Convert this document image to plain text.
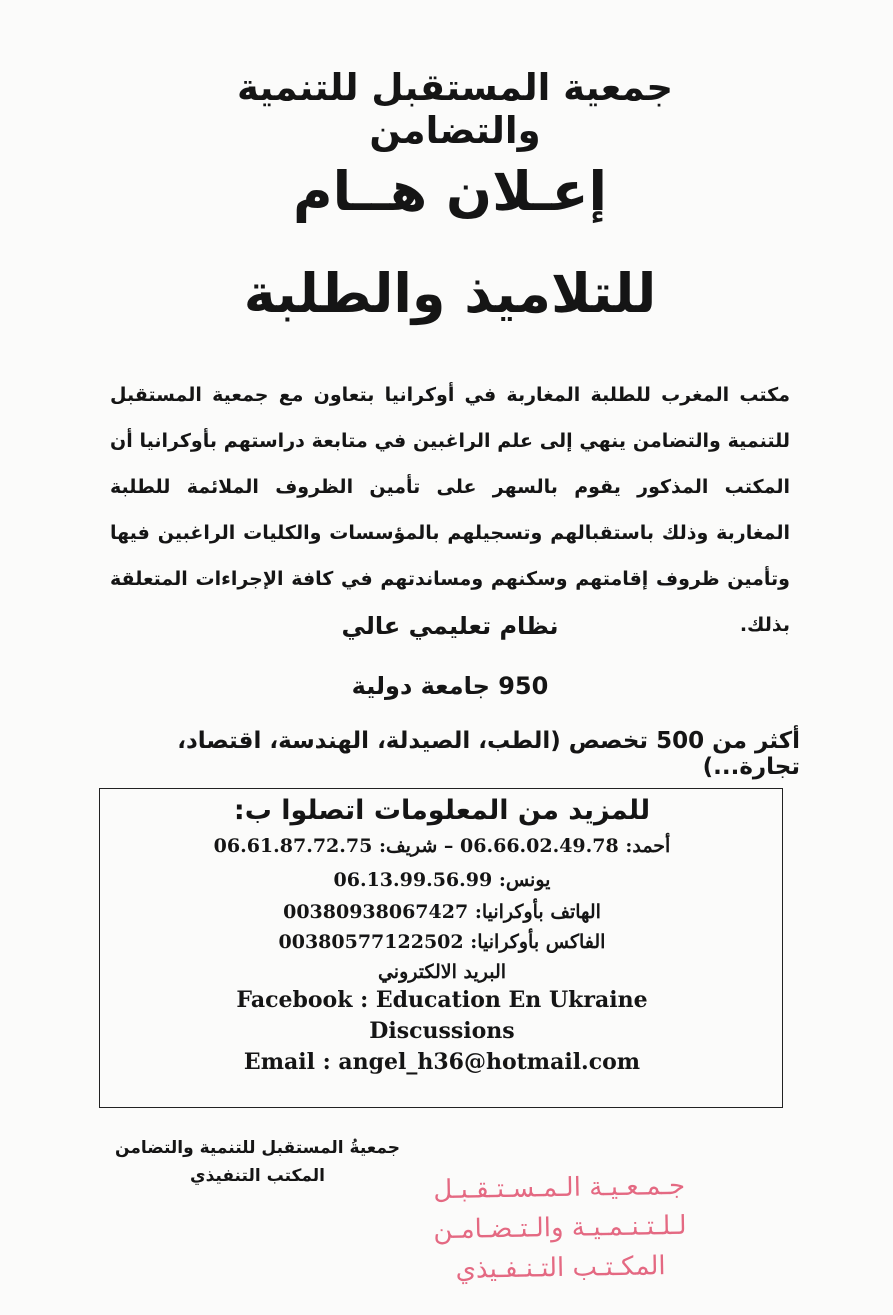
جمعية المستقبل للتنمية والتضامن
إعـلان هــام
للتلاميذ والطلبة
مكتب المغرب للطلبة المغاربة في أوكرانيا بتعاون مع جمعية المستقبل للتنمية والتضامن ينهي إلى علم الراغبين في متابعة دراستهم بأوكرانيا أن المكتب المذكور يقوم بالسهر على تأمين الظروف الملائمة للطلبة المغاربة وذلك باستقبالهم وتسجيلهم بالمؤسسات والكليات الراغبين فيها وتأمين ظروف إقامتهم وسكنهم ومساندتهم في كافة الإجراءات المتعلقة بذلك.
نظام تعليمي عالي
950 جامعة دولية
أكثر من 500 تخصص (الطب، الصيدلة، الهندسة، اقتصاد، تجارة...)
للمزيد من المعلومات اتصلوا ب:
أحمد: 06.66.02.49.78 – شريف: 06.61.87.72.75
يونس: 06.13.99.56.99
الهاتف بأوكرانيا: 00380938067427
الفاكس بأوكرانيا: 00380577122502
البريد الالكتروني
Facebook : Education En Ukraine
Discussions
Email : angel_h36@hotmail.com
جمعيةُ المستقبل للتنمية والتضامن
المكتب التنفيذي	جـمـعـيـة الـمـسـتـقـبـل
لـلـتـنـمـيـة والـتـضـامـن
المكـتـب التـنـفـيذي
